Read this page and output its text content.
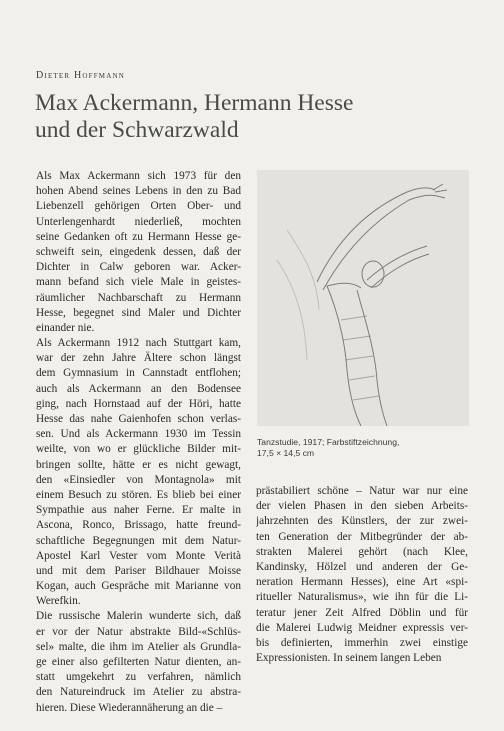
Dieter Hoffmann
Max Ackermann, Hermann Hesse
und der Schwarzwald
Als Max Ackermann sich 1973 für den
hohen Abend seines Lebens in den zu Bad
Liebenzell gehörigen Orten Ober- und
Unterlengenhardt niederließ, mochten
seine Gedanken oft zu Hermann Hesse ge-
schweift sein, eingedenk dessen, daß der
Dichter in Calw geboren war. Acker-
mann befand sich viele Male in geistes-
räumlicher Nachbarschaft zu Hermann
Hesse, begegnet sind Maler und Dichter
einander nie.
Als Ackermann 1912 nach Stuttgart kam,
war der zehn Jahre Ältere schon längst
dem Gymnasium in Cannstadt entflohen;
auch als Ackermann an den Bodensee
ging, nach Hornstaad auf der Höri, hatte
Hesse das nahe Gaienhofen schon verlas-
sen. Und als Ackermann 1930 im Tessin
weilte, von wo er glückliche Bilder mit-
bringen sollte, hätte er es nicht gewagt,
den «Einsiedler von Montagnola» mit
einem Besuch zu stören. Es blieb bei einer
Sympathie aus naher Ferne. Er malte in
Ascona, Ronco, Brissago, hatte freund-
schaftliche Begegnungen mit dem Natur-
Apostel Karl Vester vom Monte Verità
und mit dem Pariser Bildhauer Moisse
Kogan, auch Gespräche mit Marianne von
Werefkin.
Die russische Malerin wunderte sich, daß
er vor der Natur abstrakte Bild-«Schlüs-
sel» malte, die ihm im Atelier als Grundla-
ge einer also gefilterten Natur dienten, an-
statt umgekehrt zu verfahren, nämlich
den Natureindruck im Atelier zu abstra-
hieren. Diese Wiederannäherung an die –
Tanzstudie, 1917; Farbstiftzeichnung,
17,5 × 14,5 cm
prästabiliert schöne – Natur war nur eine
der vielen Phasen in den sieben Arbeits-
jahrzehnten des Künstlers, der zur zwei-
ten Generation der Mitbegründer der ab-
strakten Malerei gehört (nach Klee,
Kandinsky, Hölzel und anderen der Ge-
neration Hermann Hesses), eine Art «spi-
ritueller Naturalismus», wie ihn für die Li-
teratur jener Zeit Alfred Döblin und für
die Malerei Ludwig Meidner expressis ver-
bis definierten, immerhin zwei einstige
Expressionisten. In seinem langen Leben
